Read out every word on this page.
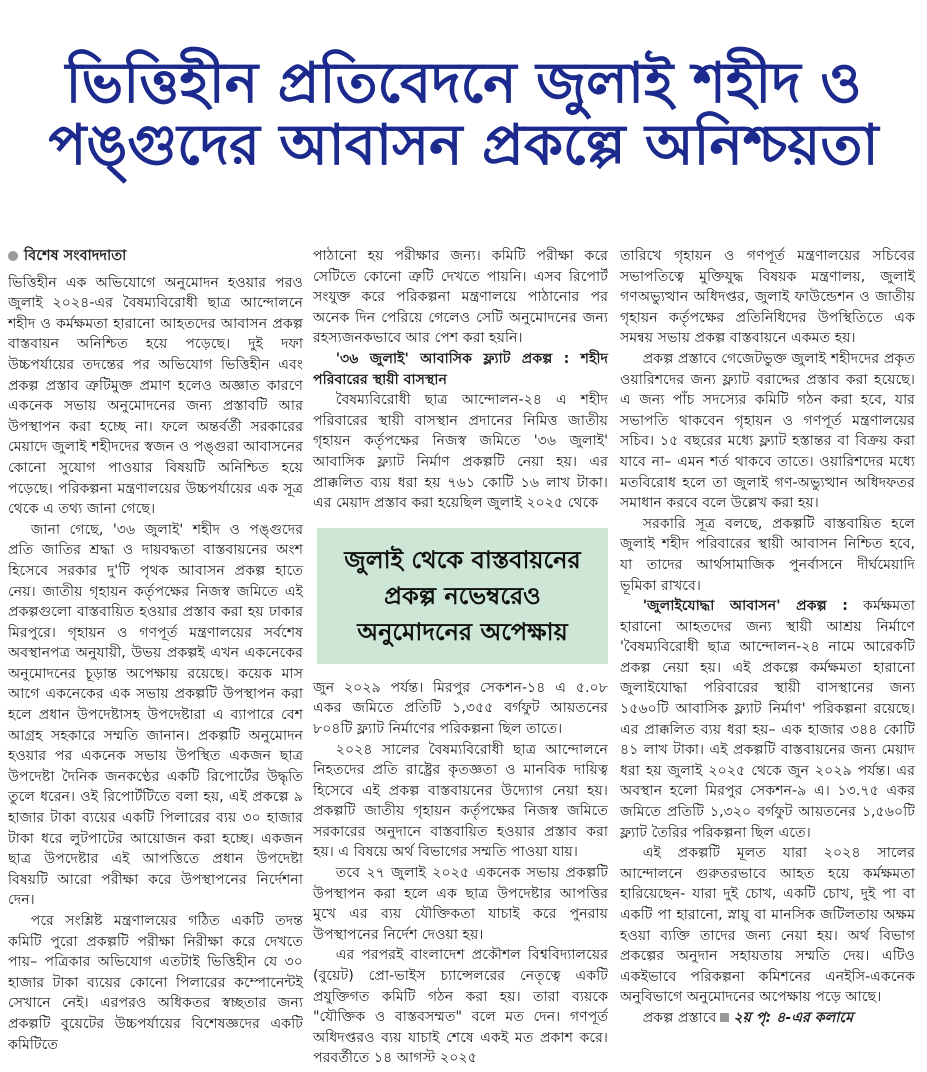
ভিত্তিহীন প্রতিবেদনে জুলাই শহীদ ও
পঙ্গুদের আবাসন প্রকল্পে অনিশ্চয়তা
বিশেষ সংবাদদাতা

ভিত্তিহীন এক অভিযোগে অনুমোদন হওয়ার পরও জুলাই ২০২৪-এর বৈষম্যবিরোধী ছাত্র আন্দোলনে শহীদ ও কর্মক্ষমতা হারানো আহতদের আবাসন প্রকল্প বাস্তবায়ন অনিশ্চিত হয়ে পড়েছে। দুই দফা উচ্চপর্যায়ের তদন্তের পর অভিযোগ ভিত্তিহীন এবং প্রকল্প প্রস্তাব ত্রুটিমুক্ত প্রমাণ হলেও অজ্ঞাত কারণে একনেক সভায় অনুমোদনের জন্য প্রস্তাবটি আর উপস্থাপন করা হচ্ছে না। ফলে অন্তর্বর্তী সরকারের মেয়াদে জুলাই শহীদদের স্বজন ও পঙ্গুরা আবাসনের কোনো সুযোগ পাওয়ার বিষয়টি অনিশ্চিত হয়ে পড়েছে। পরিকল্পনা মন্ত্রণালয়ের উচ্চপর্যায়ের এক সূত্র থেকে এ তথ্য জানা গেছে।

জানা গেছে, '৩৬ জুলাই' শহীদ ও পঙ্গুদের প্রতি জাতির শ্রদ্ধা ও দায়বদ্ধতা বাস্তবায়নের অংশ হিসেবে সরকার দু'টি পৃথক আবাসন প্রকল্প হাতে নেয়। জাতীয় গৃহায়ন কর্তৃপক্ষের নিজস্ব জমিতে এই প্রকল্পগুলো বাস্তবায়িত হওয়ার প্রস্তাব করা হয় ঢাকার মিরপুরে। গৃহায়ন ও গণপূর্ত মন্ত্রণালয়ের সর্বশেষ অবস্থানপত্র অনুযায়ী, উভয় প্রকল্পই এখন একনেকের অনুমোদনের চূড়ান্ত অপেক্ষায় রয়েছে। কয়েক মাস আগে একনেকের এক সভায় প্রকল্পটি উপস্থাপন করা হলে প্রধান উপদেষ্টাসহ উপদেষ্টারা এ ব্যাপারে বেশ আগ্রহ সহকারে সম্মতি জানান। প্রকল্পটি অনুমোদন হওয়ার পর একনেক সভায় উপস্থিত একজন ছাত্র উপদেষ্টা দৈনিক জনকণ্ঠের একটি রিপোর্টের উদ্ধৃতি তুলে ধরেন। ওই রিপোর্টটিতে বলা হয়, এই প্রকল্পে ৯ হাজার টাকা ব্যয়ের একটি পিলারের ব্যয় ৩০ হাজার টাকা ধরে লুটপাটের আয়োজন করা হচ্ছে। একজন ছাত্র উপদেষ্টার এই আপত্তিতে প্রধান উপদেষ্টা বিষয়টি আরো পরীক্ষা করে উপস্থাপনের নির্দেশনা দেন।

পরে সংশ্লিষ্ট মন্ত্রণালয়ের গঠিত একটি তদন্ত কমিটি পুরো প্রকল্পটি পরীক্ষা নিরীক্ষা করে দেখতে পায়– পত্রিকার অভিযোগ এতটাই ভিত্তিহীন যে ৩০ হাজার টাকা ব্যয়ের কোনো পিলারের কম্পোনেন্টই সেখানে নেই। এরপরও অধিকতর স্বচ্ছতার জন্য প্রকল্পটি বুয়েটের উচ্চপর্যায়ের বিশেষজ্ঞদের একটি কমিটিতে

পাঠানো হয় পরীক্ষার জন্য। কমিটি পরীক্ষা করে সেটিতে কোনো ত্রুটি দেখতে পায়নি। এসব রিপোর্ট সংযুক্ত করে পরিকল্পনা মন্ত্রণালয়ে পাঠানোর পর অনেক দিন পেরিয়ে গেলেও সেটি অনুমোদনের জন্য রহস্যজনকভাবে আর পেশ করা হয়নি।

'৩৬ জুলাই' আবাসিক ফ্ল্যাট প্রকল্প : শহীদ পরিবারের স্থায়ী বাসস্থান

বৈষম্যবিরোধী ছাত্র আন্দোলন-২৪ এ শহীদ পরিবারের স্থায়ী বাসস্থান প্রদানের নিমিত্ত জাতীয় গৃহায়ন কর্তৃপক্ষের নিজস্ব জমিতে '৩৬ জুলাই' আবাসিক ফ্ল্যাট নির্মাণ প্রকল্পটি নেয়া হয়। এর প্রাক্কলিত ব্যয় ধরা হয় ৭৬১ কোটি ১৬ লাখ টাকা। এর মেয়াদ প্রস্তাব করা হয়েছিল জুলাই ২০২৫ থেকে

জুলাই থেকে বাস্তবায়নের প্রকল্প নভেম্বরেও অনুমোদনের অপেক্ষায়

জুন ২০২৯ পর্যন্ত। মিরপুর সেকশন-১৪ এ ৫.০৮ একর জমিতে প্রতিটি ১,৩৫৫ বর্গফুট আয়তনের ৮০৪টি ফ্ল্যাট নির্মাণের পরিকল্পনা ছিল তাতে।

২০২৪ সালের বৈষম্যবিরোধী ছাত্র আন্দোলনে নিহতদের প্রতি রাষ্ট্রের কৃতজ্ঞতা ও মানবিক দায়িত্ব হিসেবে এই প্রকল্প বাস্তবায়নের উদ্যোগ নেয়া হয়। প্রকল্পটি জাতীয় গৃহায়ন কর্তৃপক্ষের নিজস্ব জমিতে সরকারের অনুদানে বাস্তবায়িত হওয়ার প্রস্তাব করা হয়। এ বিষয়ে অর্থ বিভাগের সম্মতি পাওয়া যায়।

তবে ২৭ জুলাই ২০২৫ একনেক সভায় প্রকল্পটি উপস্থাপন করা হলে এক ছাত্র উপদেষ্টার আপত্তির মুখে এর ব্যয় যৌক্তিকতা যাচাই করে পুনরায় উপস্থাপনের নির্দেশ দেওয়া হয়।

এর পরপরই বাংলাদেশ প্রকৌশল বিশ্ববিদ্যালয়ের (বুয়েট) প্রো-ভাইস চ্যান্সেলরের নেতৃত্বে একটি প্রযুক্তিগত কমিটি গঠন করা হয়। তারা ব্যয়কে "যৌক্তিক ও বাস্তবসম্মত" বলে মত দেন। গণপূর্ত অধিদপ্তরও ব্যয় যাচাই শেষে একই মত প্রকাশ করে। পরবর্তীতে ১৪ আগস্ট ২০২৫

তারিখে গৃহায়ন ও গণপূর্ত মন্ত্রণালয়ের সচিবের সভাপতিত্বে মুক্তিযুদ্ধ বিষয়ক মন্ত্রণালয়, জুলাই গণঅভ্যুত্থান অধিদপ্তর, জুলাই ফাউন্ডেশন ও জাতীয় গৃহায়ন কর্তৃপক্ষের প্রতিনিধিদের উপস্থিতিতে এক সমন্বয় সভায় প্রকল্প বাস্তবায়নে একমত হয়।

প্রকল্প প্রস্তাবে গেজেটভুক্ত জুলাই শহীদদের প্রকৃত ওয়ারিশদের জন্য ফ্ল্যাট বরাদ্দের প্রস্তাব করা হয়েছে। এ জন্য পাঁচ সদস্যের কমিটি গঠন করা হবে, যার সভাপতি থাকবেন গৃহায়ন ও গণপূর্ত মন্ত্রণালয়ের সচিব। ১৫ বছরের মধ্যে ফ্ল্যাট হস্তান্তর বা বিক্রয় করা যাবে না– এমন শর্ত থাকবে তাতে। ওয়ারিশদের মধ্যে মতবিরোধ হলে তা জুলাই গণ-অভ্যুত্থান অধিদফতর সমাধান করবে বলে উল্লেখ করা হয়।

সরকারি সূত্র বলছে, প্রকল্পটি বাস্তবায়িত হলে জুলাই শহীদ পরিবারের স্থায়ী আবাসন নিশ্চিত হবে, যা তাদের আর্থসামাজিক পুনর্বাসনে দীর্ঘমেয়াদি ভূমিকা রাখবে।

'জুলাইযোদ্ধা আবাসন' প্রকল্প : কর্মক্ষমতা হারানো আহতদের জন্য স্থায়ী আশ্রয় নির্মাণে 'বৈষম্যবিরোধী ছাত্র আন্দোলন-২৪ নামে আরেকটি প্রকল্প নেয়া হয়। এই প্রকল্পে কর্মক্ষমতা হারানো জুলাইযোদ্ধা পরিবারের স্থায়ী বাসস্থানের জন্য ১৫৬০টি আবাসিক ফ্ল্যাট নির্মাণ' পরিকল্পনা রয়েছে। এর প্রাক্কলিত ব্যয় ধরা হয়– এক হাজার ৩৪৪ কোটি ৪১ লাখ টাকা। এই প্রকল্পটি বাস্তবায়নের জন্য মেয়াদ ধরা হয় জুলাই ২০২৫ থেকে জুন ২০২৯ পর্যন্ত। এর অবস্থান হলো মিরপুর সেকশন-৯ এ। ১৩.৭৫ একর জমিতে প্রতিটি ১,৩২০ বর্গফুট আয়তনের ১,৫৬০টি ফ্ল্যাট তৈরির পরিকল্পনা ছিল এতে।

এই প্রকল্পটি মূলত যারা ২০২৪ সালের আন্দোলনে গুরুতরভাবে আহত হয়ে কর্মক্ষমতা হারিয়েছেন- যারা দুই চোখ, একটি চোখ, দুই পা বা একটি পা হারানো, স্নায়ু বা মানসিক জটিলতায় অক্ষম হওয়া ব্যক্তি তাদের জন্য নেয়া হয়। অর্থ বিভাগ প্রকল্পের অনুদান সহায়তায় সম্মতি দেয়। এটিও একইভাবে পরিকল্পনা কমিশনের এনইসি-একনেক অনুবিভাগে অনুমোদনের অপেক্ষায় পড়ে আছে।

প্রকল্প প্রস্তাবে ২য় পৃ: ৪-এর কলামে
